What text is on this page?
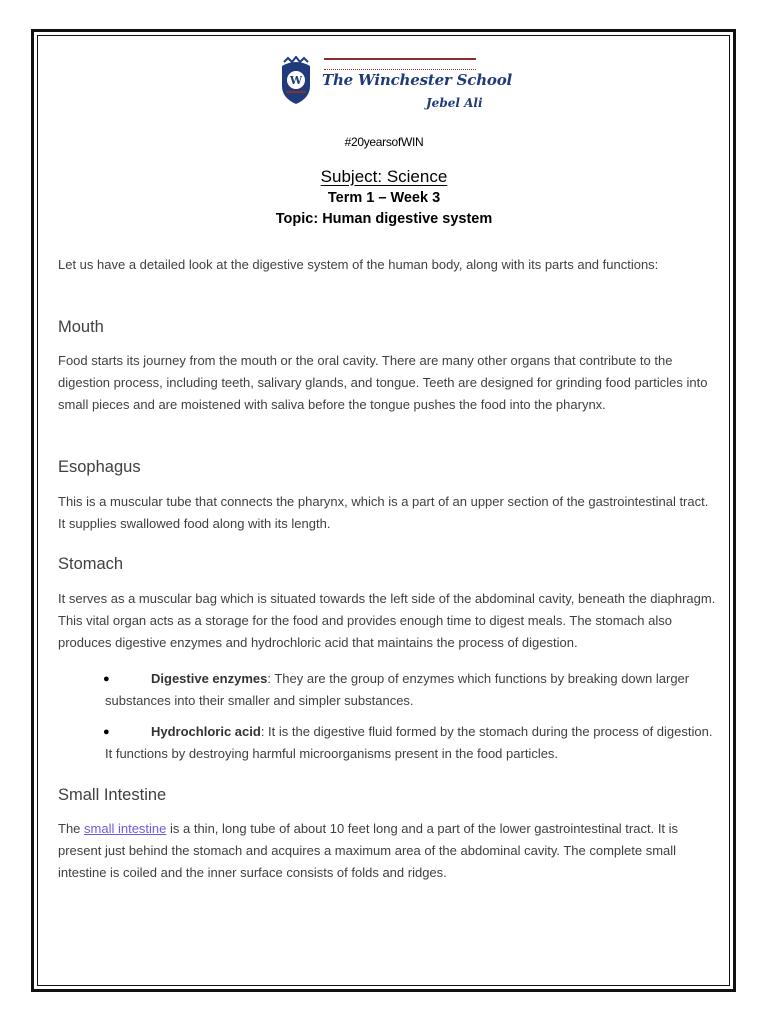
W The Winchester School
Jebel Ali
#20yearsofWIN
Subject: Science
Term 1 – Week 3
Topic: Human digestive system
Let us have a detailed look at the digestive system of the human body, along with its parts and functions:
Mouth
Food starts its journey from the mouth or the oral cavity. There are many other organs that contribute to the digestion process, including teeth, salivary glands, and tongue. Teeth are designed for grinding food particles into small pieces and are moistened with saliva before the tongue pushes the food into the pharynx.
Esophagus
This is a muscular tube that connects the pharynx, which is a part of an upper section of the gastrointestinal tract. It supplies swallowed food along with its length.
Stomach
It serves as a muscular bag which is situated towards the left side of the abdominal cavity, beneath the diaphragm. This vital organ acts as a storage for the food and provides enough time to digest meals. The stomach also produces digestive enzymes and hydrochloric acid that maintains the process of digestion.
●	Digestive enzymes: They are the group of enzymes which functions by breaking down larger substances into their smaller and simpler substances.
●	Hydrochloric acid: It is the digestive fluid formed by the stomach during the process of digestion. It functions by destroying harmful microorganisms present in the food particles.
Small Intestine
The small intestine is a thin, long tube of about 10 feet long and a part of the lower gastrointestinal tract. It is present just behind the stomach and acquires a maximum area of the abdominal cavity. The complete small intestine is coiled and the inner surface consists of folds and ridges.
